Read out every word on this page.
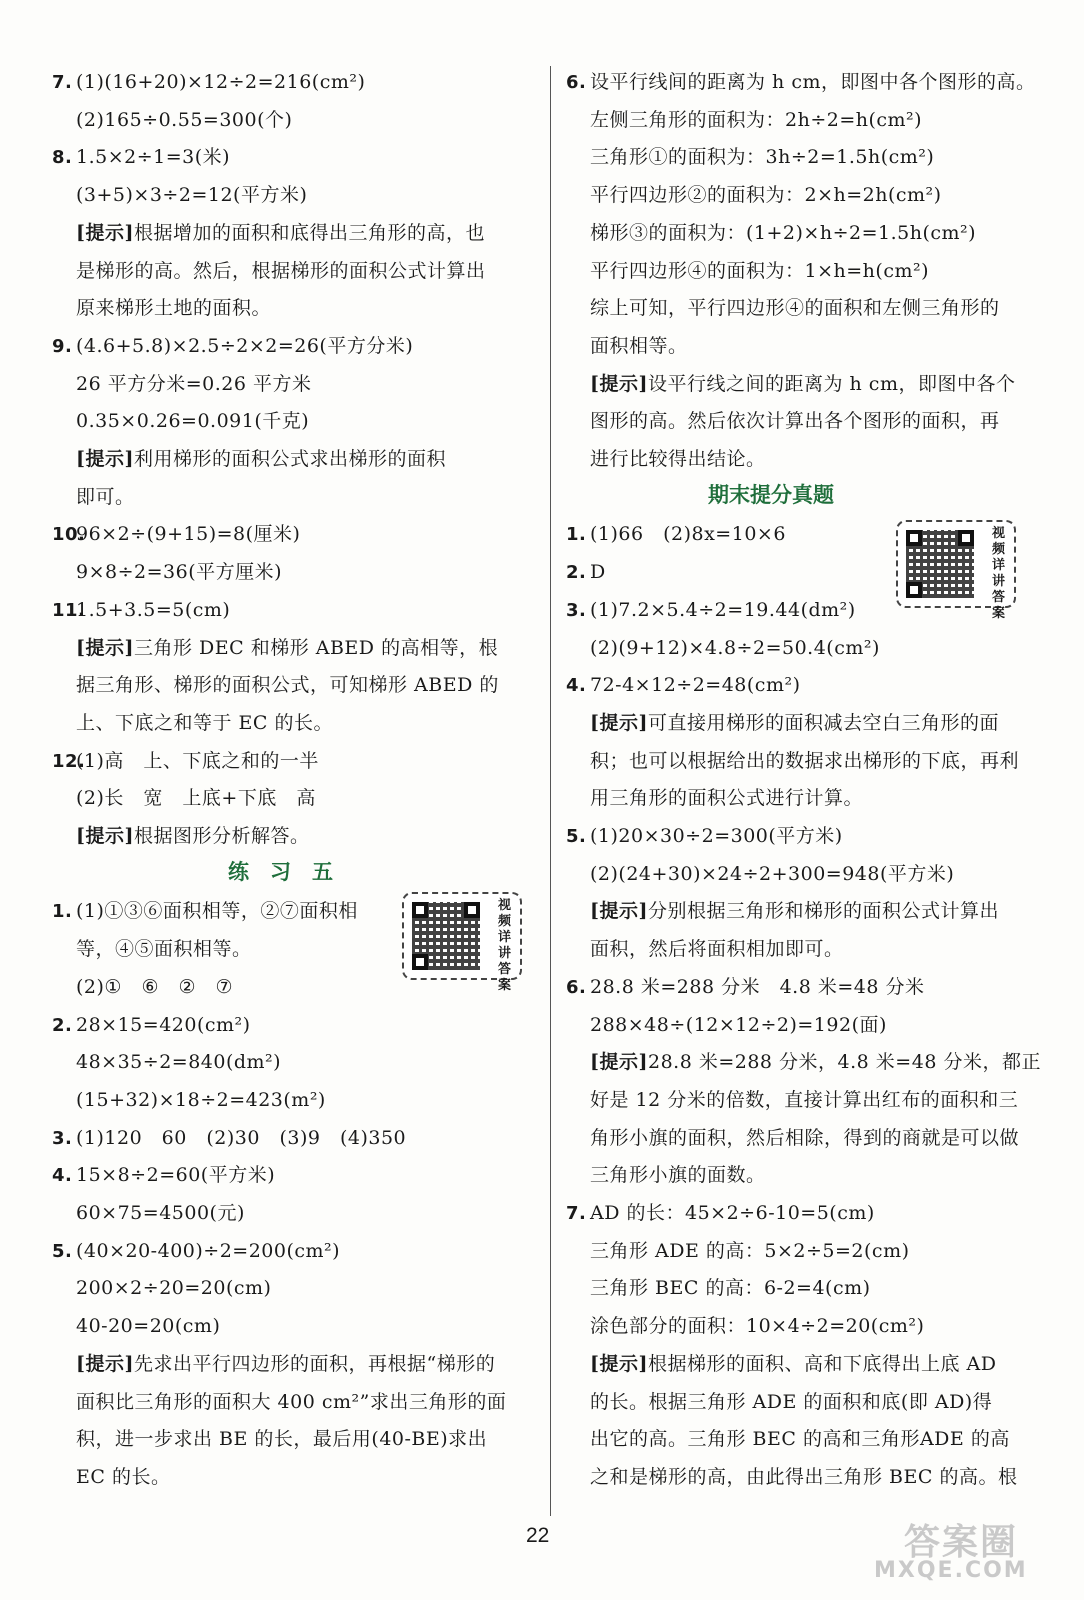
7. (1)(16+20)×12÷2=216(cm²)
(2)165÷0.55=300(个)
8. 1.5×2÷1=3(米)
(3+5)×3÷2=12(平方米)
[提示]根据增加的面积和底得出三角形的高，也
是梯形的高。然后，根据梯形的面积公式计算出
原来梯形土地的面积。
9. (4.6+5.8)×2.5÷2×2=26(平方分米)
26 平方分米=0.26 平方米
0.35×0.26=0.091(千克)
[提示]利用梯形的面积公式求出梯形的面积
即可。
10.96×2÷(9+15)=8(厘米)
9×8÷2=36(平方厘米)
11.1.5+3.5=5(cm)
[提示]三角形 DEC 和梯形 ABED 的高相等，根
据三角形、梯形的面积公式，可知梯形 ABED 的
上、下底之和等于 EC 的长。
12.(1)高　上、下底之和的一半
(2)长　宽　上底+下底　高
[提示]根据图形分析解答。
练　习　五
1. (1)①③⑥面积相等，②⑦面积相
等，④⑤面积相等。
(2)①　⑥　②　⑦
2. 28×15=420(cm²)
48×35÷2=840(dm²)
(15+32)×18÷2=423(m²)
3. (1)120　60　(2)30　(3)9　(4)350
4. 15×8÷2=60(平方米)
60×75=4500(元)
5. (40×20-400)÷2=200(cm²)
200×2÷20=20(cm)
40-20=20(cm)
[提示]先求出平行四边形的面积，再根据“梯形的
面积比三角形的面积大 400 cm²”求出三角形的面
积，进一步求出 BE 的长，最后用(40-BE)求出
EC 的长。
6. 设平行线间的距离为 h cm，即图中各个图形的高。
左侧三角形的面积为：2h÷2=h(cm²)
三角形①的面积为：3h÷2=1.5h(cm²)
平行四边形②的面积为：2×h=2h(cm²)
梯形③的面积为：(1+2)×h÷2=1.5h(cm²)
平行四边形④的面积为：1×h=h(cm²)
综上可知，平行四边形④的面积和左侧三角形的
面积相等。
[提示]设平行线之间的距离为 h cm，即图中各个
图形的高。然后依次计算出各个图形的面积，再
进行比较得出结论。
期末提分真题
1. (1)66　(2)8x=10×6
2. D
3. (1)7.2×5.4÷2=19.44(dm²)
(2)(9+12)×4.8÷2=50.4(cm²)
4. 72-4×12÷2=48(cm²)
[提示]可直接用梯形的面积减去空白三角形的面
积；也可以根据给出的数据求出梯形的下底，再利
用三角形的面积公式进行计算。
5. (1)20×30÷2=300(平方米)
(2)(24+30)×24÷2+300=948(平方米)
[提示]分别根据三角形和梯形的面积公式计算出
面积，然后将面积相加即可。
6. 28.8 米=288 分米　4.8 米=48 分米
288×48÷(12×12÷2)=192(面)
[提示]28.8 米=288 分米，4.8 米=48 分米，都正
好是 12 分米的倍数，直接计算出红布的面积和三
角形小旗的面积，然后相除，得到的商就是可以做
三角形小旗的面数。
7. AD 的长：45×2÷6-10=5(cm)
三角形 ADE 的高：5×2÷5=2(cm)
三角形 BEC 的高：6-2=4(cm)
涂色部分的面积：10×4÷2=20(cm²)
[提示]根据梯形的面积、高和下底得出上底 AD
的长。根据三角形 ADE 的面积和底(即 AD)得
出它的高。三角形 BEC 的高和三角形ADE 的高
之和是梯形的高，由此得出三角形 BEC 的高。根
视频详讲答案
视频详讲答案
22	答案圈
MXQE.COM
